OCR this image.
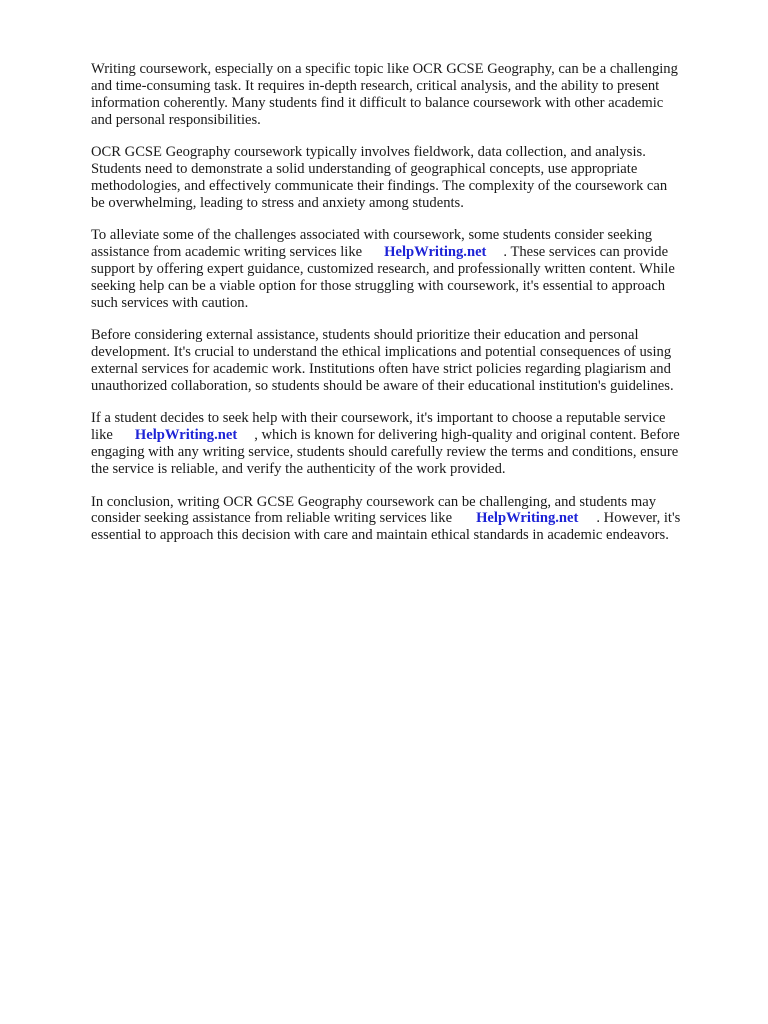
Writing coursework, especially on a specific topic like OCR GCSE Geography, can be a challenging
and time-consuming task. It requires in-depth research, critical analysis, and the ability to present
information coherently. Many students find it difficult to balance coursework with other academic
and personal responsibilities.

OCR GCSE Geography coursework typically involves fieldwork, data collection, and analysis.
Students need to demonstrate a solid understanding of geographical concepts, use appropriate
methodologies, and effectively communicate their findings. The complexity of the coursework can
be overwhelming, leading to stress and anxiety among students.

To alleviate some of the challenges associated with coursework, some students consider seeking
assistance from academic writing services like HelpWriting.net . These services can provide
support by offering expert guidance, customized research, and professionally written content. While
seeking help can be a viable option for those struggling with coursework, it's essential to approach
such services with caution.

Before considering external assistance, students should prioritize their education and personal
development. It's crucial to understand the ethical implications and potential consequences of using
external services for academic work. Institutions often have strict policies regarding plagiarism and
unauthorized collaboration, so students should be aware of their educational institution's guidelines.

If a student decides to seek help with their coursework, it's important to choose a reputable service
like HelpWriting.net , which is known for delivering high-quality and original content. Before
engaging with any writing service, students should carefully review the terms and conditions, ensure
the service is reliable, and verify the authenticity of the work provided.

In conclusion, writing OCR GCSE Geography coursework can be challenging, and students may
consider seeking assistance from reliable writing services like HelpWriting.net . However, it's
essential to approach this decision with care and maintain ethical standards in academic endeavors.
